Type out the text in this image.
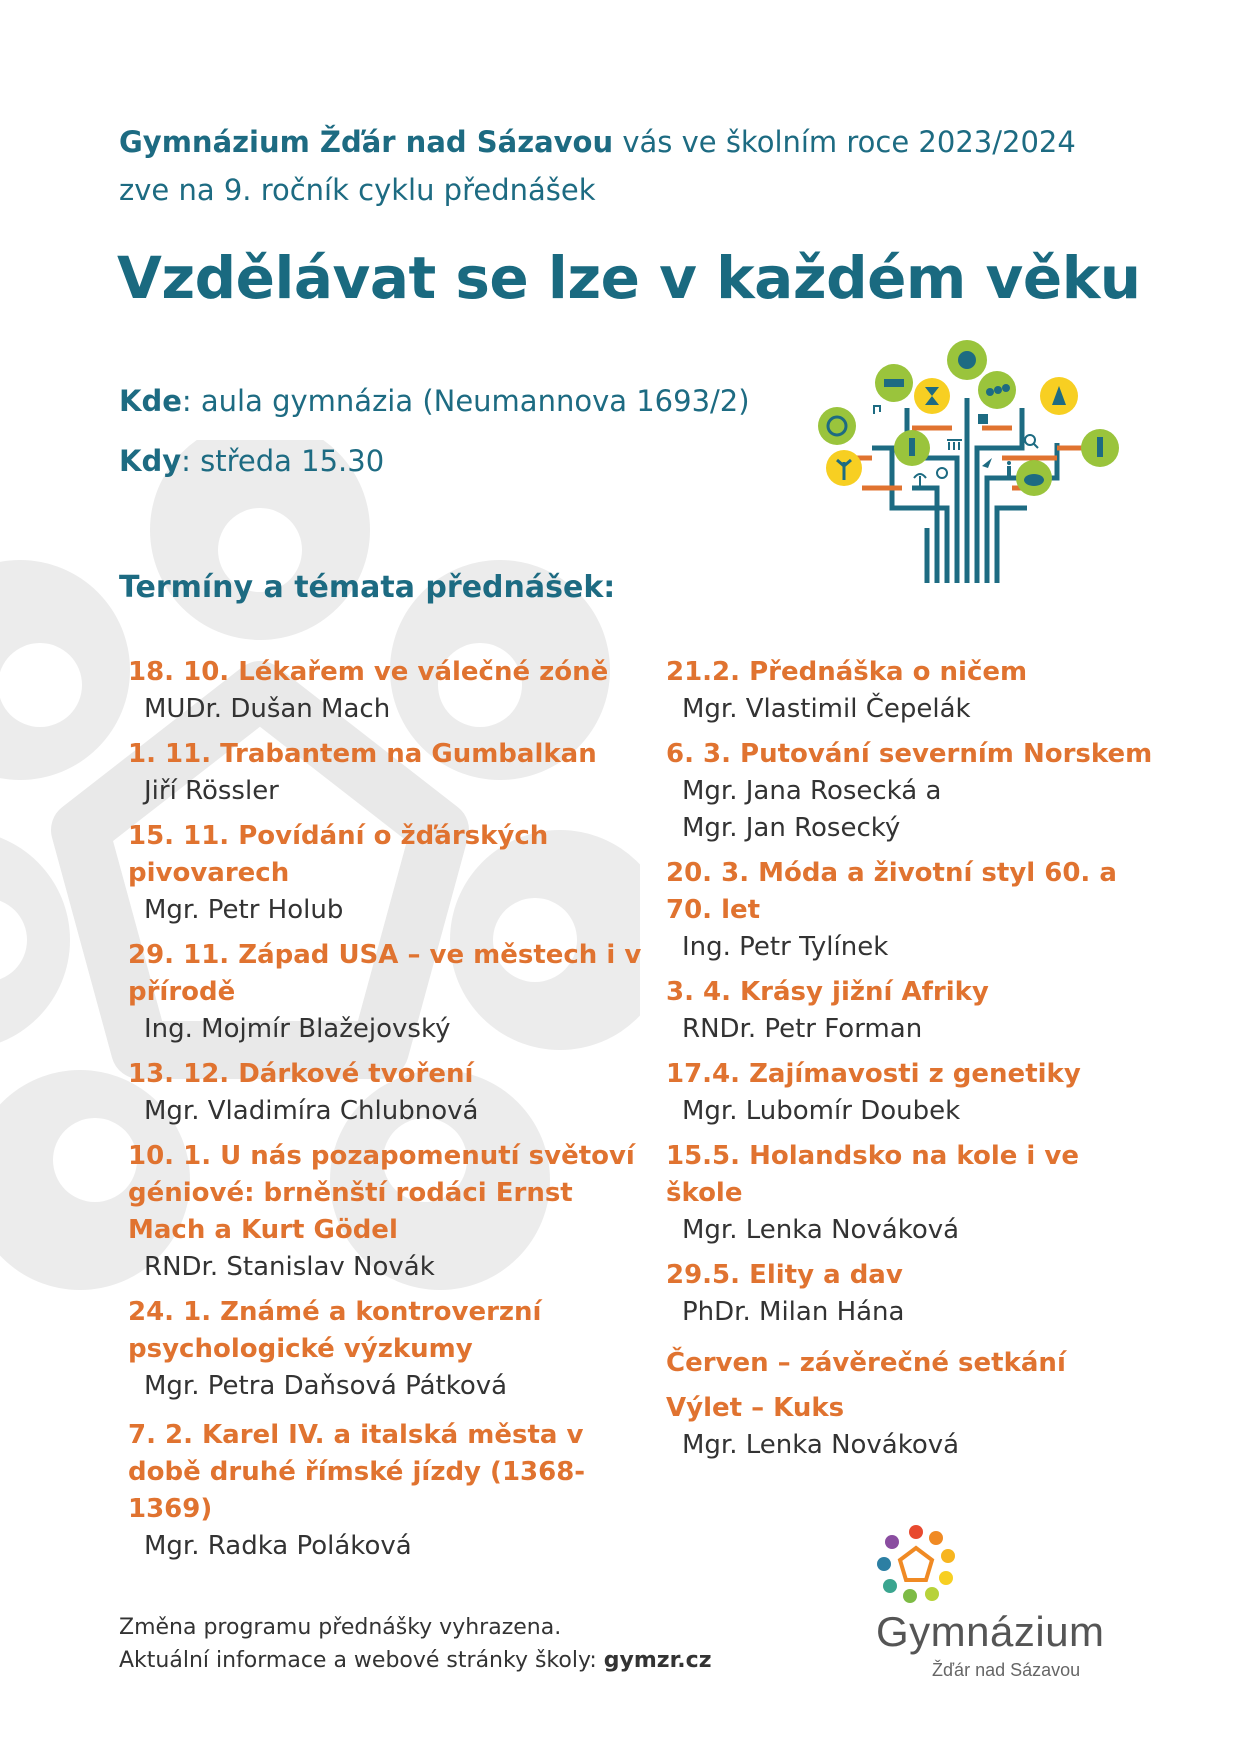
Gymnázium Žďár nad Sázavou vás ve školním roce 2023/2024
zve na 9. ročník cyklu přednášek
Vzdělávat se lze v každém věku
Kde: aula gymnázia (Neumannova 1693/2)
Kdy: středa 15.30
Termíny a témata přednášek:
18. 10. Lékařem ve válečné zóně
MUDr. Dušan Mach
1. 11. Trabantem na Gumbalkan
Jiří Rössler
15. 11. Povídání o žďárských pivovarech
Mgr. Petr Holub
29. 11. Západ USA – ve městech i v přírodě
Ing. Mojmír Blažejovský
13. 12. Dárkové tvoření
Mgr. Vladimíra Chlubnová
10. 1. U nás pozapomenutí světoví géniové: brněnští rodáci Ernst Mach a Kurt Gödel
RNDr. Stanislav Novák
24. 1. Známé a kontroverzní psychologické výzkumy
Mgr. Petra Daňsová Pátková
7. 2. Karel IV. a italská města v době druhé římské jízdy (1368-1369)
Mgr. Radka Poláková
21.2. Přednáška o ničem
Mgr. Vlastimil Čepelák
6. 3. Putování severním Norskem
Mgr. Jana Rosecká a
Mgr. Jan Rosecký
20. 3. Móda a životní styl 60. a 70. let
Ing. Petr Tylínek
3. 4. Krásy jižní Afriky
RNDr. Petr Forman
17.4. Zajímavosti z genetiky
Mgr. Lubomír Doubek
15.5. Holandsko na kole i ve škole
Mgr. Lenka Nováková
29.5. Elity a dav
PhDr. Milan Hána
Červen – závěrečné setkání
Výlet – Kuks
Mgr. Lenka Nováková
Změna programu přednášky vyhrazena.
Aktuální informace a webové stránky školy: gymzr.cz
Gymnázium
Žďár nad Sázavou
